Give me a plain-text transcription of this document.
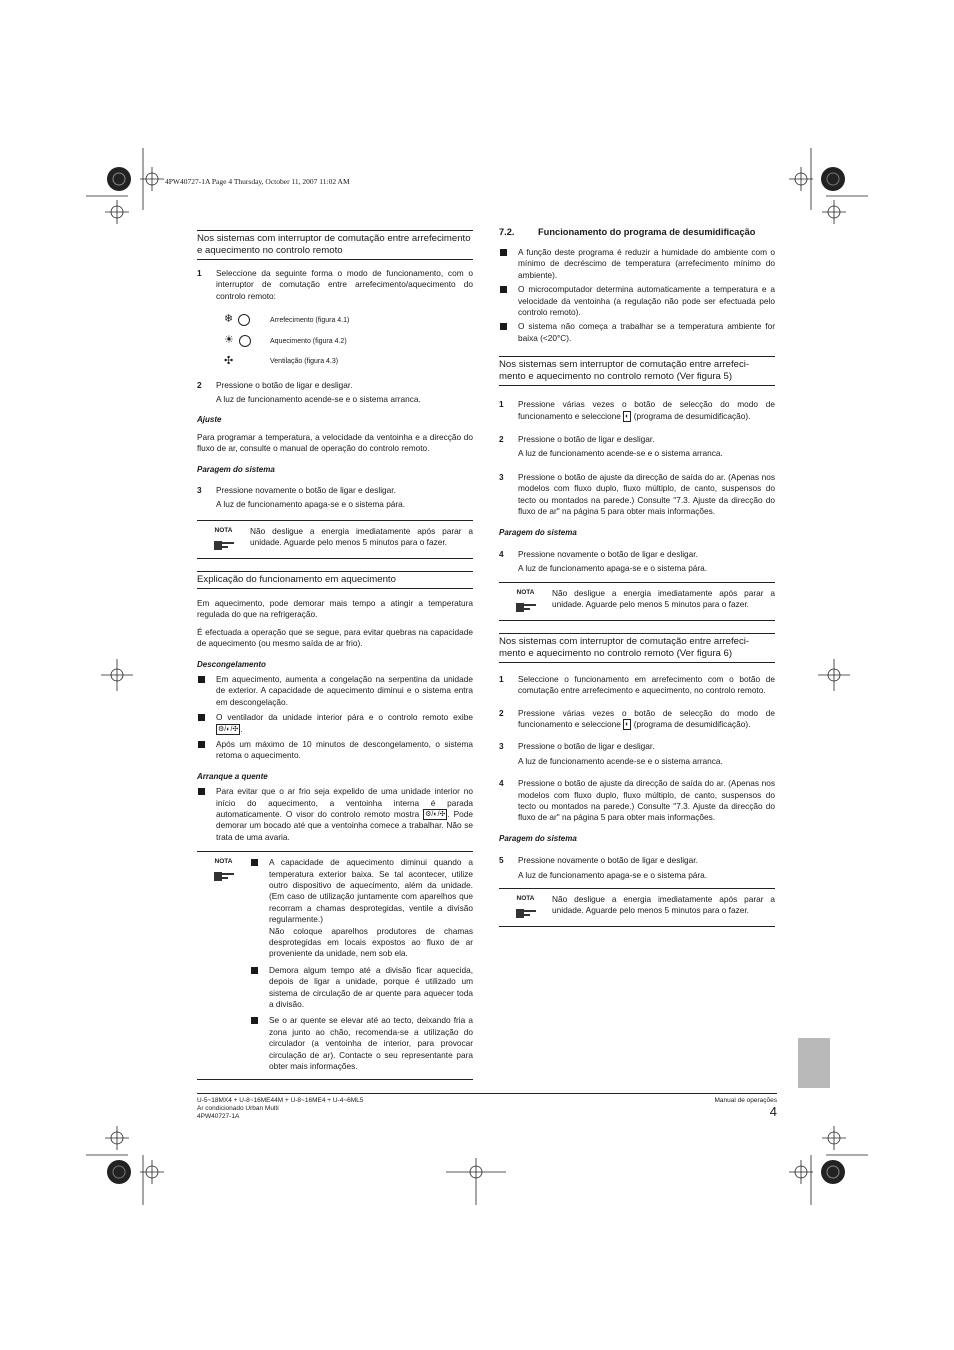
4PW40727-1A Page 4 Thursday, October 11, 2007 11:02 AM
Nos sistemas com interruptor de comutação entre arrefecimento e aquecimento no controlo remoto
1	Seleccione da seguinte forma o modo de funcionamento, com o interruptor de comutação entre arrefecimento/aquecimento do controlo remoto:
❄	Arrefecimento (figura 4.1)
☀	Aquecimento (figura 4.2)
✣	Ventilação (figura 4.3)
2	Pressione o botão de ligar e desligar.
A luz de funcionamento acende-se e o sistema arranca.
Ajuste

Para programar a temperatura, a velocidade da ventoinha e a direcção do fluxo de ar, consulte o manual de operação do controlo remoto.

Paragem do sistema
3	Pressione novamente o botão de ligar e desligar.
A luz de funcionamento apaga-se e o sistema pára.
NOTA	Não desligue a energia imediatamente após parar a unidade. Aguarde pelo menos 5 minutos para o fazer.
Explicação do funcionamento em aquecimento

Em aquecimento, pode demorar mais tempo a atingir a temperatura regulada do que na refrigeração.

É efectuada a operação que se segue, para evitar quebras na capacidade de aquecimento (ou mesmo saída de ar frio).

Descongelamento
Em aquecimento, aumenta a congelação na serpentina da unidade de exterior. A capacidade de aquecimento diminui e o sistema entra em descongelação.
O ventilador da unidade interior pára e o controlo remoto exibe ⚙/◐/✣ .
Após um máximo de 10 minutos de descongelamento, o sistema retoma o aquecimento.
Arranque a quente
Para evitar que o ar frio seja expelido de uma unidade interior no início do aquecimento, a ventoinha interna é parada automaticamente. O visor do controlo remoto mostra ⚙/◐/✣ . Pode demorar um bocado até que a ventoinha comece a trabalhar. Não se trata de uma avaria.
NOTA	A capacidade de aquecimento diminui quando a temperatura exterior baixa. Se tal acontecer, utilize outro dispositivo de aquecimento, além da unidade. (Em caso de utilização juntamente com aparelhos que recorram a chamas desprotegidas, ventile a divisão regularmente.)
Não coloque aparelhos produtores de chamas desprotegidas em locais expostos ao fluxo de ar proveniente da unidade, nem sob ela.
Demora algum tempo até a divisão ficar aquecida, depois de ligar a unidade, porque é utilizado um sistema de circulação de ar quente para aquecer toda a divisão.
Se o ar quente se elevar até ao tecto, deixando fria a zona junto ao chão, recomenda-se a utilização do circulador (a ventoinha de interior, para provocar circulação de ar). Contacte o seu representante para obter mais informações.
7.2.	Funcionamento do programa de desumidificação
A função deste programa é reduzir a humidade do ambiente com o mínimo de decréscimo de temperatura (arrefecimento mínimo do ambiente).
O microcomputador determina automaticamente a temperatura e a velocidade da ventoinha (a regulação não pode ser efectuada pelo controlo remoto).
O sistema não começa a trabalhar se a temperatura ambiente for baixa (<20°C).
Nos sistemas sem interruptor de comutação entre arrefeci-mento e aquecimento no controlo remoto (Ver figura 5)
1	Pressione várias vezes o botão de selecção do modo de funcionamento e seleccione ◐ (programa de desumidificação).
2	Pressione o botão de ligar e desligar.
A luz de funcionamento acende-se e o sistema arranca.
3	Pressione o botão de ajuste da direcção de saída do ar. (Apenas nos modelos com fluxo duplo, fluxo múltiplo, de canto, suspensos do tecto ou montados na parede.) Consulte "7.3. Ajuste da direcção do fluxo de ar" na página 5 para obter mais informações.
Paragem do sistema
4	Pressione novamente o botão de ligar e desligar.
A luz de funcionamento apaga-se e o sistema pára.
NOTA	Não desligue a energia imediatamente após parar a unidade. Aguarde pelo menos 5 minutos para o fazer.
Nos sistemas com interruptor de comutação entre arrefeci-mento e aquecimento no controlo remoto (Ver figura 6)
1	Seleccione o funcionamento em arrefecimento com o botão de comutação entre arrefecimento e aquecimento, no controlo remoto.
2	Pressione várias vezes o botão de selecção do modo de funcionamento e seleccione ◐ (programa de desumidificação).
3	Pressione o botão de ligar e desligar.
A luz de funcionamento acende-se e o sistema arranca.
4	Pressione o botão de ajuste da direcção de saída do ar. (Apenas nos modelos com fluxo duplo, fluxo múltiplo, de canto, suspensos do tecto ou montados na parede.) Consulte "7.3. Ajuste da direcção do fluxo de ar" na página 5 para obter mais informações.
Paragem do sistema
5	Pressione novamente o botão de ligar e desligar.
A luz de funcionamento apaga-se e o sistema pára.
NOTA	Não desligue a energia imediatamente após parar a unidade. Aguarde pelo menos 5 minutos para o fazer.
U-5~18MX4 + U-8~16ME44M + U-8~16ME4 + U-4~6ML5
Ar condicionado Urban Multi
4PW40727-1A
Manual de operações
4
